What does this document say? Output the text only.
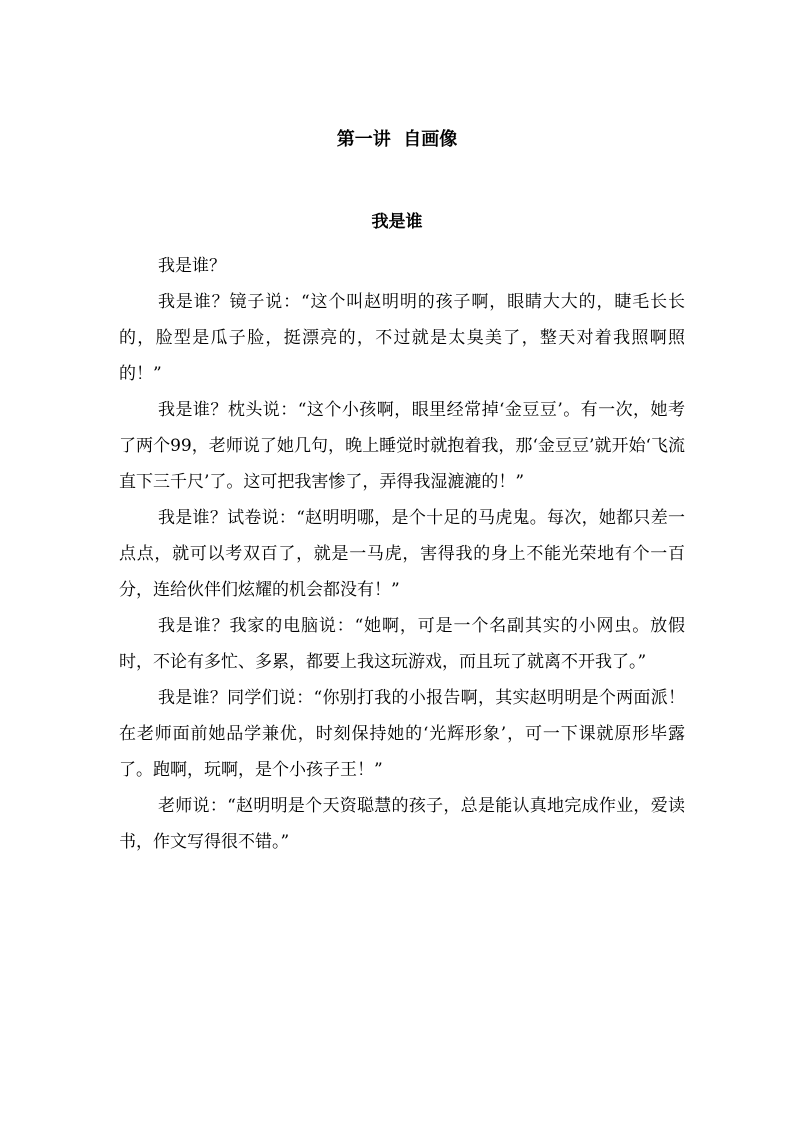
第一讲  自画像
我是谁

我是谁？

我是谁？镜子说：“这个叫赵明明的孩子啊，眼睛大大的，睫毛长长的，脸型是瓜子脸，挺漂亮的，不过就是太臭美了，整天对着我照啊照的！”

我是谁？枕头说：“这个小孩啊，眼里经常掉‘金豆豆’。有一次，她考了两个99，老师说了她几句，晚上睡觉时就抱着我，那‘金豆豆’就开始‘飞流直下三千尺’了。这可把我害惨了，弄得我湿漉漉的！”

我是谁？试卷说：“赵明明哪，是个十足的马虎鬼。每次，她都只差一点点，就可以考双百了，就是一马虎，害得我的身上不能光荣地有个一百分，连给伙伴们炫耀的机会都没有！”

我是谁？我家的电脑说：“她啊，可是一个名副其实的小网虫。放假时，不论有多忙、多累，都要上我这玩游戏，而且玩了就离不开我了。”

我是谁？同学们说：“你别打我的小报告啊，其实赵明明是个两面派！在老师面前她品学兼优，时刻保持她的‘光辉形象’，可一下课就原形毕露了。跑啊，玩啊，是个小孩子王！”

老师说：“赵明明是个天资聪慧的孩子，总是能认真地完成作业，爱读书，作文写得很不错。”
